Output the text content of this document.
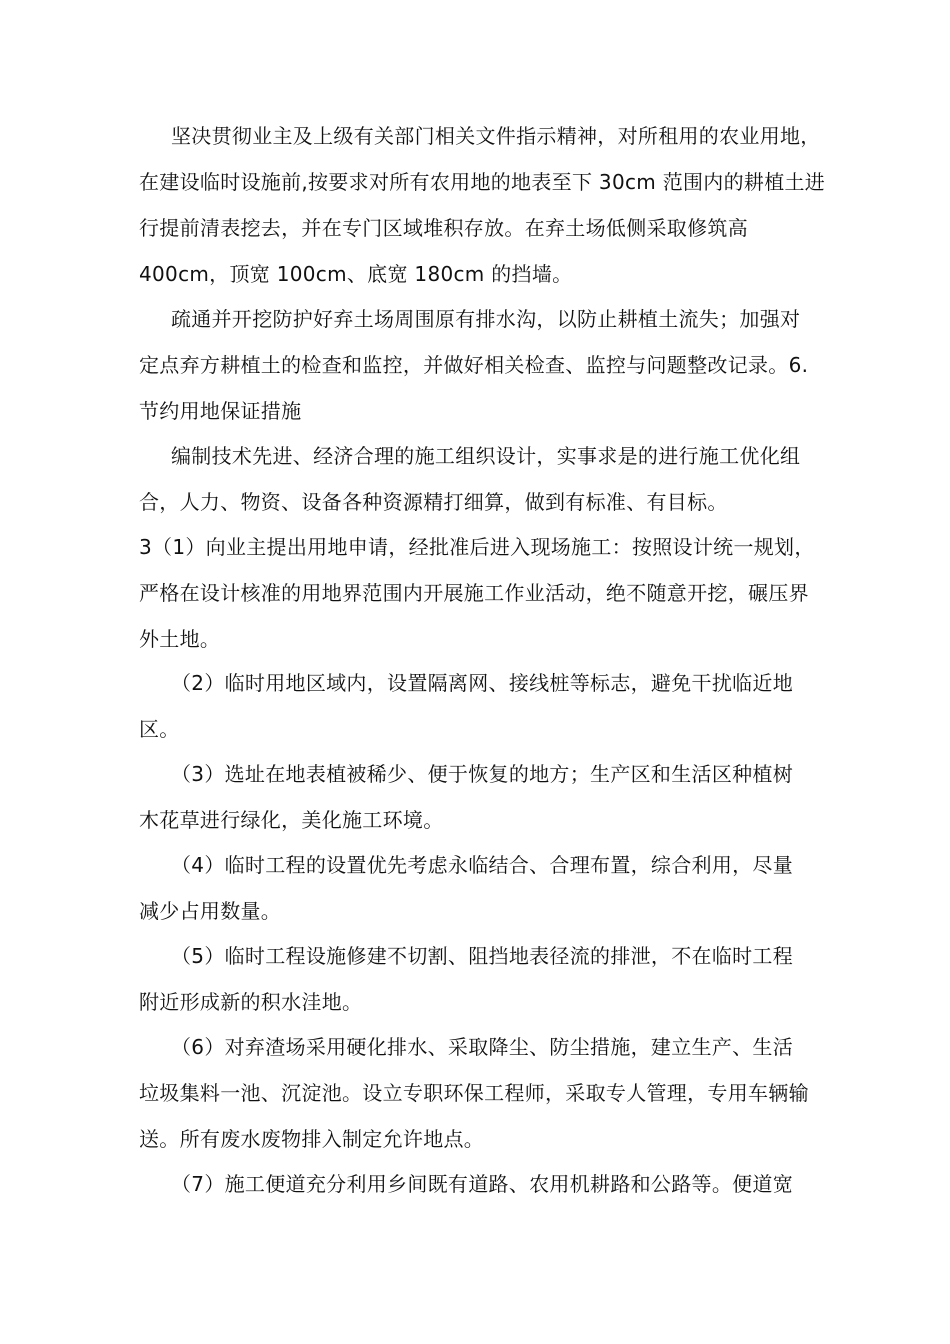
坚决贯彻业主及上级有关部门相关文件指示精神，对所租用的农业用地，
在建设临时设施前,按要求对所有农用地的地表至下 30cm 范围内的耕植土进
行提前清表挖去，并在专门区域堆积存放。在弃土场低侧采取修筑高
400cm，顶宽 100cm、底宽 180cm 的挡墙。

疏通并开挖防护好弃土场周围原有排水沟，以防止耕植土流失；加强对
定点弃方耕植土的检查和监控，并做好相关检查、监控与问题整改记录。6.
节约用地保证措施

编制技术先进、经济合理的施工组织设计，实事求是的进行施工优化组
合，人力、物资、设备各种资源精打细算，做到有标准、有目标。

3（1）向业主提出用地申请，经批准后进入现场施工：按照设计统一规划，
严格在设计核准的用地界范围内开展施工作业活动，绝不随意开挖，碾压界
外土地。

（2）临时用地区域内，设置隔离网、接线桩等标志，避免干扰临近地
区。

（3）选址在地表植被稀少、便于恢复的地方；生产区和生活区种植树
木花草进行绿化，美化施工环境。

（4）临时工程的设置优先考虑永临结合、合理布置，综合利用，尽量
减少占用数量。

（5）临时工程设施修建不切割、阻挡地表径流的排泄，不在临时工程
附近形成新的积水洼地。

（6）对弃渣场采用硬化排水、采取降尘、防尘措施，建立生产、生活
垃圾集料一池、沉淀池。设立专职环保工程师，采取专人管理，专用车辆输
送。所有废水废物排入制定允许地点。

（7）施工便道充分利用乡间既有道路、农用机耕路和公路等。便道宽
